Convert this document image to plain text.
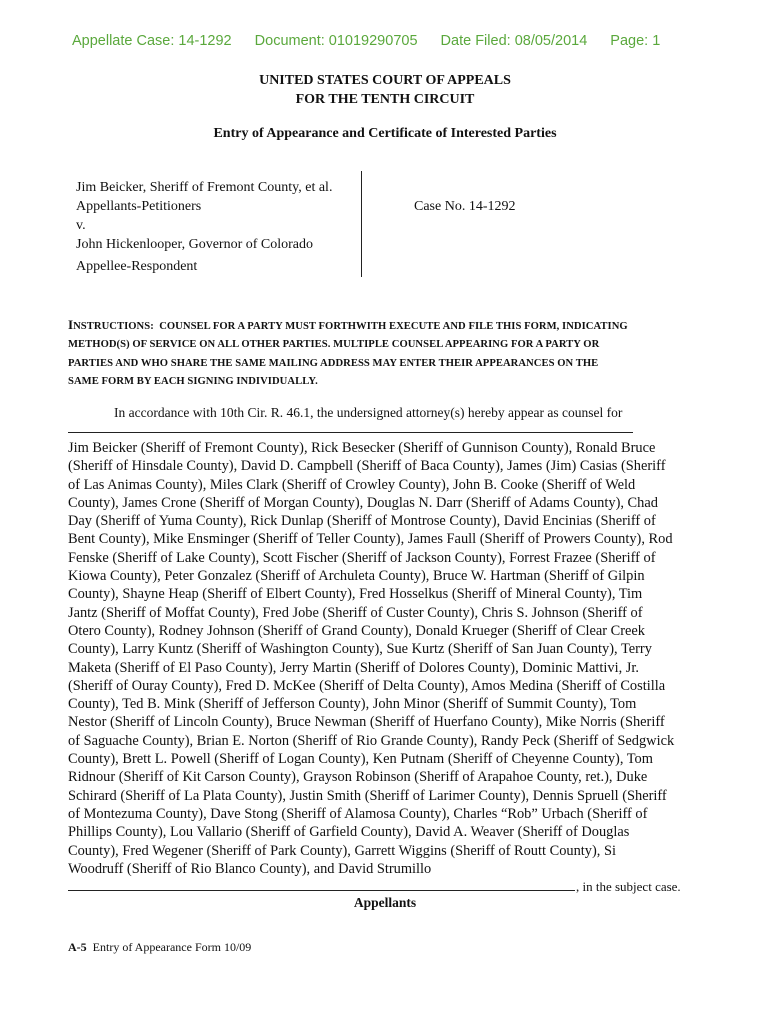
Appellate Case: 14-1292 Document: 01019290705 Date Filed: 08/05/2014 Page: 1
UNITED STATES COURT OF APPEALS
FOR THE TENTH CIRCUIT
Entry of Appearance and Certificate of Interested Parties
Jim Beicker, Sheriff of Fremont County, et al.
Appellants-Petitioners
v.
John Hickenlooper, Governor of Colorado
Appellee-Respondent
Case No. 14-1292
INSTRUCTIONS: COUNSEL FOR A PARTY MUST FORTHWITH EXECUTE AND FILE THIS FORM, INDICATING
METHOD(S) OF SERVICE ON ALL OTHER PARTIES. MULTIPLE COUNSEL APPEARING FOR A PARTY OR
PARTIES AND WHO SHARE THE SAME MAILING ADDRESS MAY ENTER THEIR APPEARANCES ON THE
SAME FORM BY EACH SIGNING INDIVIDUALLY.
In accordance with 10th Cir. R. 46.1, the undersigned attorney(s) hereby appear as counsel for
Jim Beicker (Sheriff of Fremont County), Rick Besecker (Sheriff of Gunnison County), Ronald Bruce
(Sheriff of Hinsdale County), David D. Campbell (Sheriff of Baca County), James (Jim) Casias (Sheriff
of Las Animas County), Miles Clark (Sheriff of Crowley County), John B. Cooke (Sheriff of Weld
County), James Crone (Sheriff of Morgan County), Douglas N. Darr (Sheriff of Adams County), Chad
Day (Sheriff of Yuma County), Rick Dunlap (Sheriff of Montrose County), David Encinias (Sheriff of
Bent County), Mike Ensminger (Sheriff of Teller County), James Faull (Sheriff of Prowers County), Rod
Fenske (Sheriff of Lake County), Scott Fischer (Sheriff of Jackson County), Forrest Frazee (Sheriff of
Kiowa County), Peter Gonzalez (Sheriff of Archuleta County), Bruce W. Hartman (Sheriff of Gilpin
County), Shayne Heap (Sheriff of Elbert County), Fred Hosselkus (Sheriff of Mineral County), Tim
Jantz (Sheriff of Moffat County), Fred Jobe (Sheriff of Custer County), Chris S. Johnson (Sheriff of
Otero County), Rodney Johnson (Sheriff of Grand County), Donald Krueger (Sheriff of Clear Creek
County), Larry Kuntz (Sheriff of Washington County), Sue Kurtz (Sheriff of San Juan County), Terry
Maketa (Sheriff of El Paso County), Jerry Martin (Sheriff of Dolores County), Dominic Mattivi, Jr.
(Sheriff of Ouray County), Fred D. McKee (Sheriff of Delta County), Amos Medina (Sheriff of Costilla
County), Ted B. Mink (Sheriff of Jefferson County), John Minor (Sheriff of Summit County), Tom
Nestor (Sheriff of Lincoln County), Bruce Newman (Sheriff of Huerfano County), Mike Norris (Sheriff
of Saguache County), Brian E. Norton (Sheriff of Rio Grande County), Randy Peck (Sheriff of Sedgwick
County), Brett L. Powell (Sheriff of Logan County), Ken Putnam (Sheriff of Cheyenne County), Tom
Ridnour (Sheriff of Kit Carson County), Grayson Robinson (Sheriff of Arapahoe County, ret.), Duke
Schirard (Sheriff of La Plata County), Justin Smith (Sheriff of Larimer County), Dennis Spruell (Sheriff
of Montezuma County), Dave Stong (Sheriff of Alamosa County), Charles “Rob” Urbach (Sheriff of
Phillips County), Lou Vallario (Sheriff of Garfield County), David A. Weaver (Sheriff of Douglas
County), Fred Wegener (Sheriff of Park County), Garrett Wiggins (Sheriff of Routt County), Si
Woodruff (Sheriff of Rio Blanco County), and David Strumillo
, in the subject case.
Appellants
A-5 Entry of Appearance Form 10/09
